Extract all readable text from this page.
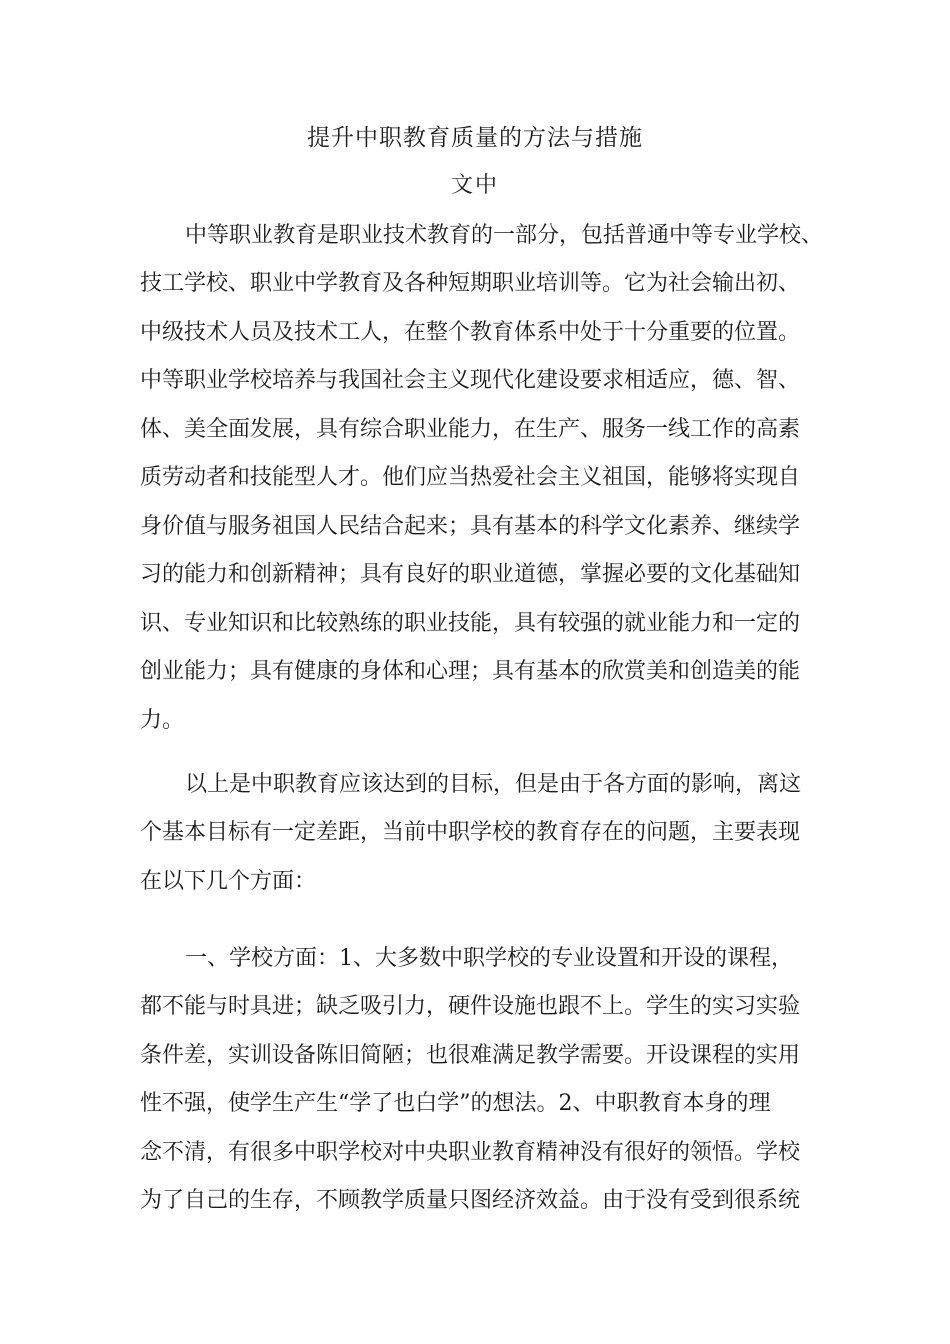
提升中职教育质量的方法与措施
文中

中等职业教育是职业技术教育的一部分，包括普通中等专业学校、

技工学校、职业中学教育及各种短期职业培训等。它为社会输出初、

中级技术人员及技术工人，在整个教育体系中处于十分重要的位置。

中等职业学校培养与我国社会主义现代化建设要求相适应，德、智、

体、美全面发展，具有综合职业能力，在生产、服务一线工作的高素

质劳动者和技能型人才。他们应当热爱社会主义祖国，能够将实现自

身价值与服务祖国人民结合起来；具有基本的科学文化素养、继续学

习的能力和创新精神；具有良好的职业道德，掌握必要的文化基础知

识、专业知识和比较熟练的职业技能，具有较强的就业能力和一定的

创业能力；具有健康的身体和心理；具有基本的欣赏美和创造美的能

力。

以上是中职教育应该达到的目标，但是由于各方面的影响，离这

个基本目标有一定差距，当前中职学校的教育存在的问题，主要表现

在以下几个方面：

一、学校方面：1、大多数中职学校的专业设置和开设的课程，

都不能与时具进；缺乏吸引力，硬件设施也跟不上。学生的实习实验

条件差，实训设备陈旧简陋；也很难满足教学需要。开设课程的实用

性不强，使学生产生“学了也白学”的想法。2、中职教育本身的理

念不清，有很多中职学校对中央职业教育精神没有很好的领悟。学校

为了自己的生存，不顾教学质量只图经济效益。由于没有受到很系统
